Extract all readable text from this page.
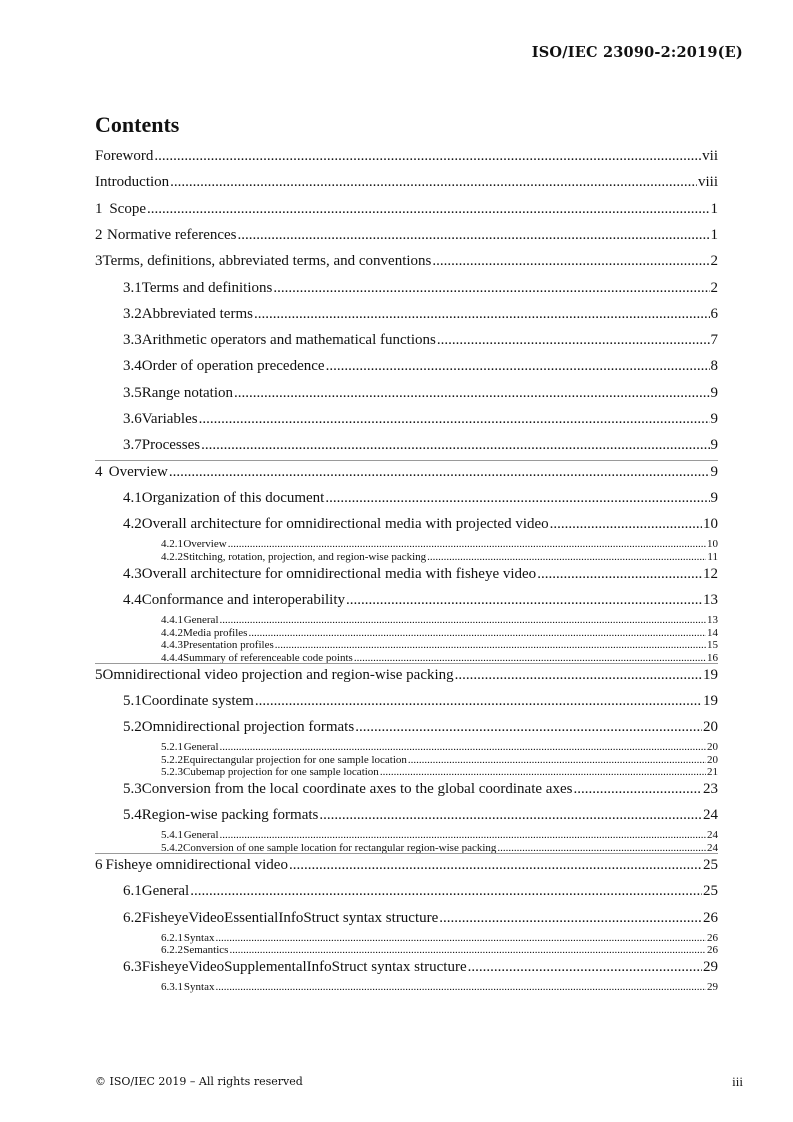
ISO/IEC 23090-2:2019(E)
Contents
Foreword .....	vii
Introduction .....	viii
1 Scope .....	1
2 Normative references .....	1
3 Terms, definitions, abbreviated terms, and conventions .....	2
3.1 Terms and definitions .....	2
3.2 Abbreviated terms .....	6
3.3 Arithmetic operators and mathematical functions .....	7
3.4 Order of operation precedence .....	8
3.5 Range notation .....	9
3.6 Variables .....	9
3.7 Processes .....	9
4 Overview .....	9
4.1 Organization of this document .....	9
4.2 Overall architecture for omnidirectional media with projected video .....	10
4.2.1 Overview .....	10
4.2.2 Stitching, rotation, projection, and region-wise packing .....	11
4.3 Overall architecture for omnidirectional media with fisheye video .....	12
4.4 Conformance and interoperability .....	13
4.4.1 General .....	13
4.4.2 Media profiles .....	14
4.4.3 Presentation profiles .....	15
4.4.4 Summary of referenceable code points .....	16
5 Omnidirectional video projection and region-wise packing .....	19
5.1 Coordinate system .....	19
5.2 Omnidirectional projection formats .....	20
5.2.1 General .....	20
5.2.2 Equirectangular projection for one sample location .....	20
5.2.3 Cubemap projection for one sample location .....	21
5.3 Conversion from the local coordinate axes to the global coordinate axes .....	23
5.4 Region-wise packing formats .....	24
5.4.1 General .....	24
5.4.2 Conversion of one sample location for rectangular region-wise packing .....	24
6 Fisheye omnidirectional video .....	25
6.1 General .....	25
6.2 FisheyeVideoEssentialInfoStruct syntax structure .....	26
6.2.1 Syntax .....	26
6.2.2 Semantics .....	26
6.3 FisheyeVideoSupplementalInfoStruct syntax structure .....	29
6.3.1 Syntax .....	29
© ISO/IEC 2019 – All rights reserved	iii
